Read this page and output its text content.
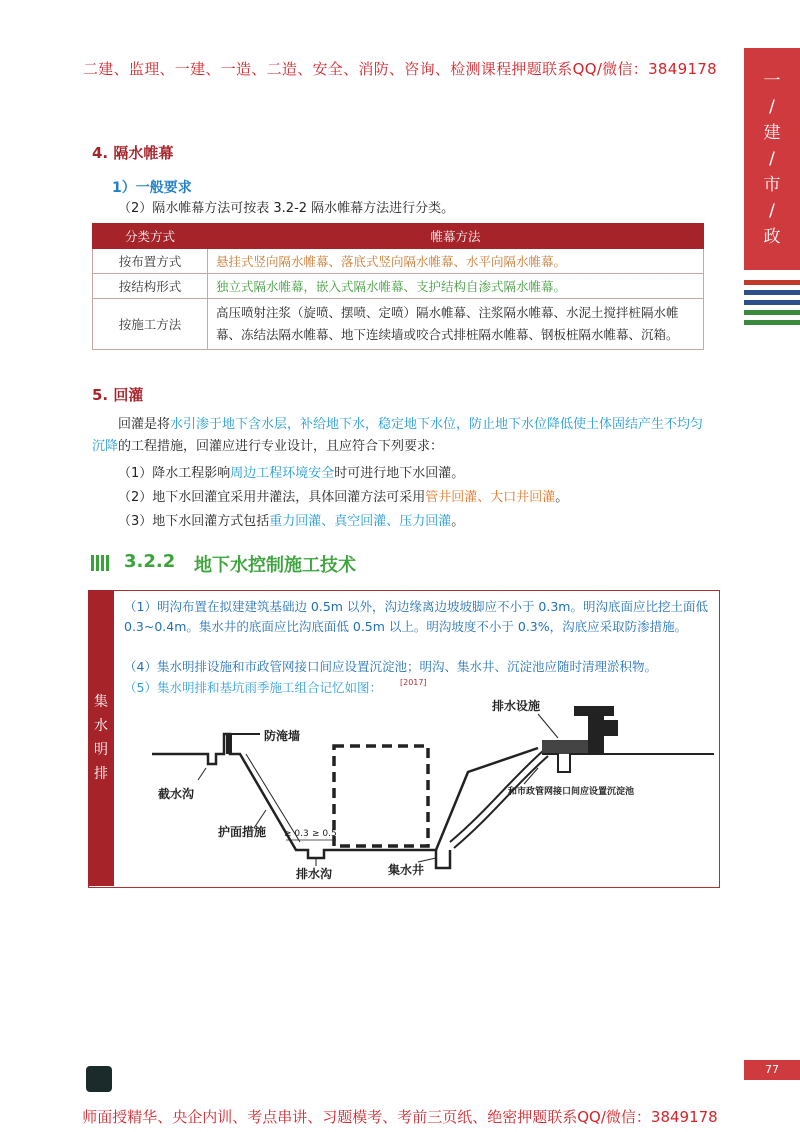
二建、监理、一建、一造、二造、安全、消防、咨询、检测课程押题联系QQ/微信：3849178
师面授精华、央企内训、考点串讲、习题模考、考前三页纸、绝密押题联系QQ/微信：3849178
一
/
建
/
市
/
政
4. 隔水帷幕
1）一般要求
（2）隔水帷幕方法可按表 3.2-2 隔水帷幕方法进行分类。
分类方式	帷幕方法
按布置方式	悬挂式竖向隔水帷幕、落底式竖向隔水帷幕、水平向隔水帷幕。
按结构形式	独立式隔水帷幕，嵌入式隔水帷幕、支护结构自渗式隔水帷幕。
按施工方法	高压喷射注浆（旋喷、摆喷、定喷）隔水帷幕、注浆隔水帷幕、水泥土搅拌桩隔水帷幕、冻结法隔水帷幕、地下连续墙或咬合式排桩隔水帷幕、钢板桩隔水帷幕、沉箱。
5. 回灌
回灌是将水引渗于地下含水层，补给地下水，稳定地下水位，防止地下水位降低使土体固结产生不均匀沉降的工程措施，回灌应进行专业设计，且应符合下列要求：
（1）降水工程影响周边工程环境安全时可进行地下水回灌。
（2）地下水回灌宜采用井灌法，具体回灌方法可采用管井回灌、大口井回灌。
（3）地下水回灌方式包括重力回灌、真空回灌、压力回灌。
3.2.2 地下水控制施工技术
集
水
明
排
（1）明沟布置在拟建建筑基础边 0.5m 以外，沟边缘离边坡坡脚应不小于 0.3m。明沟底面应比挖土面低 0.3~0.4m。集水井的底面应比沟底面低 0.5m 以上。明沟坡度不小于 0.3%，沟底应采取防渗措施。
（4）集水明排设施和市政管网接口间应设置沉淀池；明沟、集水井、沉淀池应随时清理淤积物。
（5）集水明排和基坑雨季施工组合记忆如图： [2017]
防淹墙
截水沟
护面措施 ≥ 0.3 ≥ 0.5
排水沟	集水井
排水设施
和市政管网接口间应设置沉淀池
77
